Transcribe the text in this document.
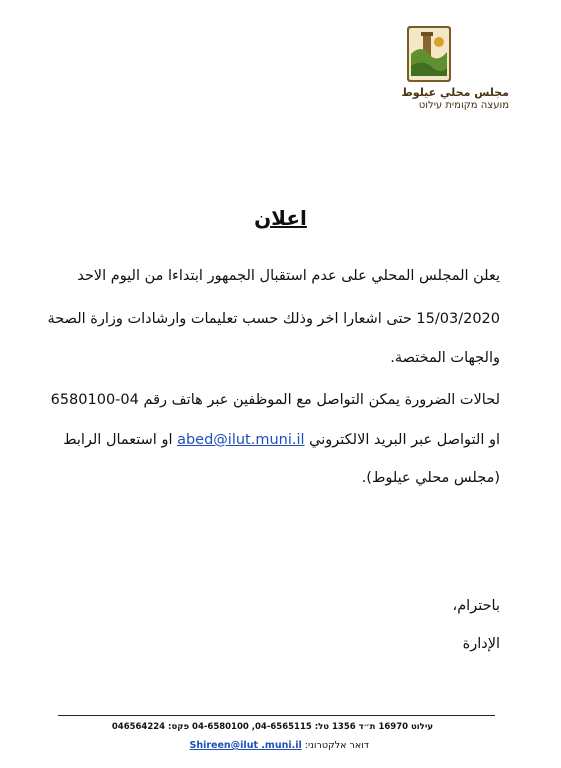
مجلس محلي عيلوط
מועצה מקומית עילוט
اعلان
يعلن المجلس المحلي على عدم استقبال الجمهور ابتداءا من اليوم الاحد
15/03/2020 حتى اشعارا اخر وذلك حسب تعليمات وارشادات وزارة الصحة
والجهات المختصة.
لحالات الضرورة يمكن التواصل مع الموظفين عبر هاتف رقم 04-6580100
او التواصل عبر البريد الالكتروني abed@ilut.muni.il او استعمال الرابط
(مجلس محلي عيلوط).
باحترام،
الإدارة
עילוט 16970 ת״ד 1356 טל: 04-6565115, 04-6580100 פקס: 046564224
דואר אלקטרוני: Shireen@ilut .muni.il
